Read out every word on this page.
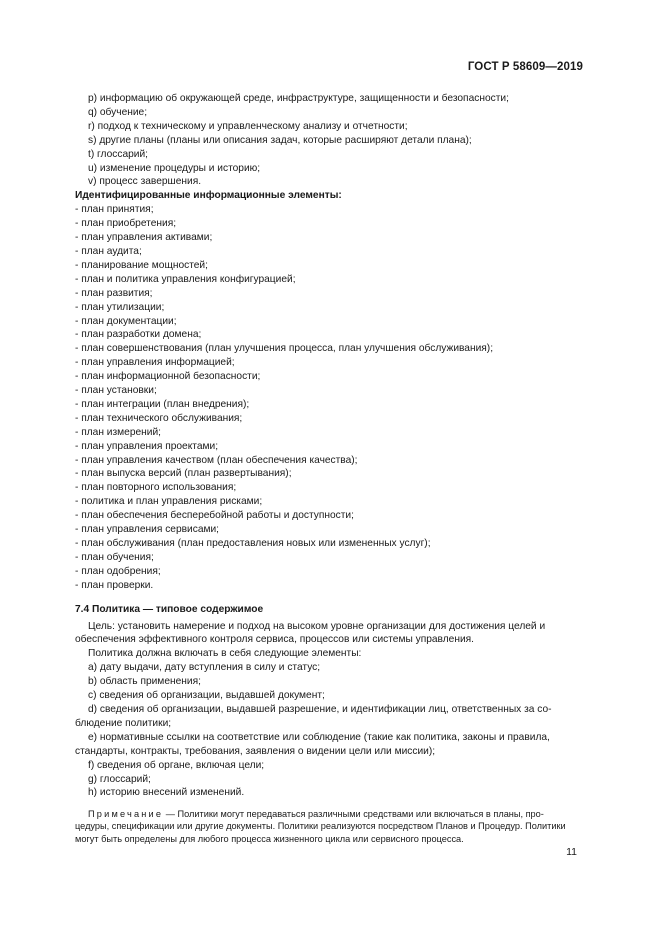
ГОСТ Р 58609—2019
p) информацию об окружающей среде, инфраструктуре, защищенности и безопасности;
q) обучение;
r) подход к техническому и управленческому анализу и отчетности;
s) другие планы (планы или описания задач, которые расширяют детали плана);
t) глоссарий;
u) изменение процедуры и историю;
v) процесс завершения.
Идентифицированные информационные элементы:
- план принятия;
- план приобретения;
- план управления активами;
- план аудита;
- планирование мощностей;
- план и политика управления конфигурацией;
- план развития;
- план утилизации;
- план документации;
- план разработки домена;
- план совершенствования (план улучшения процесса, план улучшения обслуживания);
- план управления информацией;
- план информационной безопасности;
- план установки;
- план интеграции (план внедрения);
- план технического обслуживания;
- план измерений;
- план управления проектами;
- план управления качеством (план обеспечения качества);
- план выпуска версий (план развертывания);
- план повторного использования;
- политика и план управления рисками;
- план обеспечения бесперебойной работы и доступности;
- план управления сервисами;
- план обслуживания (план предоставления новых или измененных услуг);
- план обучения;
- план одобрения;
- план проверки.
7.4 Политика — типовое содержимое
Цель: установить намерение и подход на высоком уровне организации для достижения целей и
обеспечения эффективного контроля сервиса, процессов или системы управления.
Политика должна включать в себя следующие элементы:
a) дату выдачи, дату вступления в силу и статус;
b) область применения;
c) сведения об организации, выдавшей документ;
d) сведения об организации, выдавшей разрешение, и идентификации лиц, ответственных за со-
блюдение политики;
e) нормативные ссылки на соответствие или соблюдение (такие как политика, законы и правила,
стандарты, контракты, требования, заявления о видении цели или миссии);
f) сведения об органе, включая цели;
g) глоссарий;
h) историю внесений изменений.
Примечание — Политики могут передаваться различными средствами или включаться в планы, про-
цедуры, спецификации или другие документы. Политики реализуются посредством Планов и Процедур. Политики
могут быть определены для любого процесса жизненного цикла или сервисного процесса.
11
